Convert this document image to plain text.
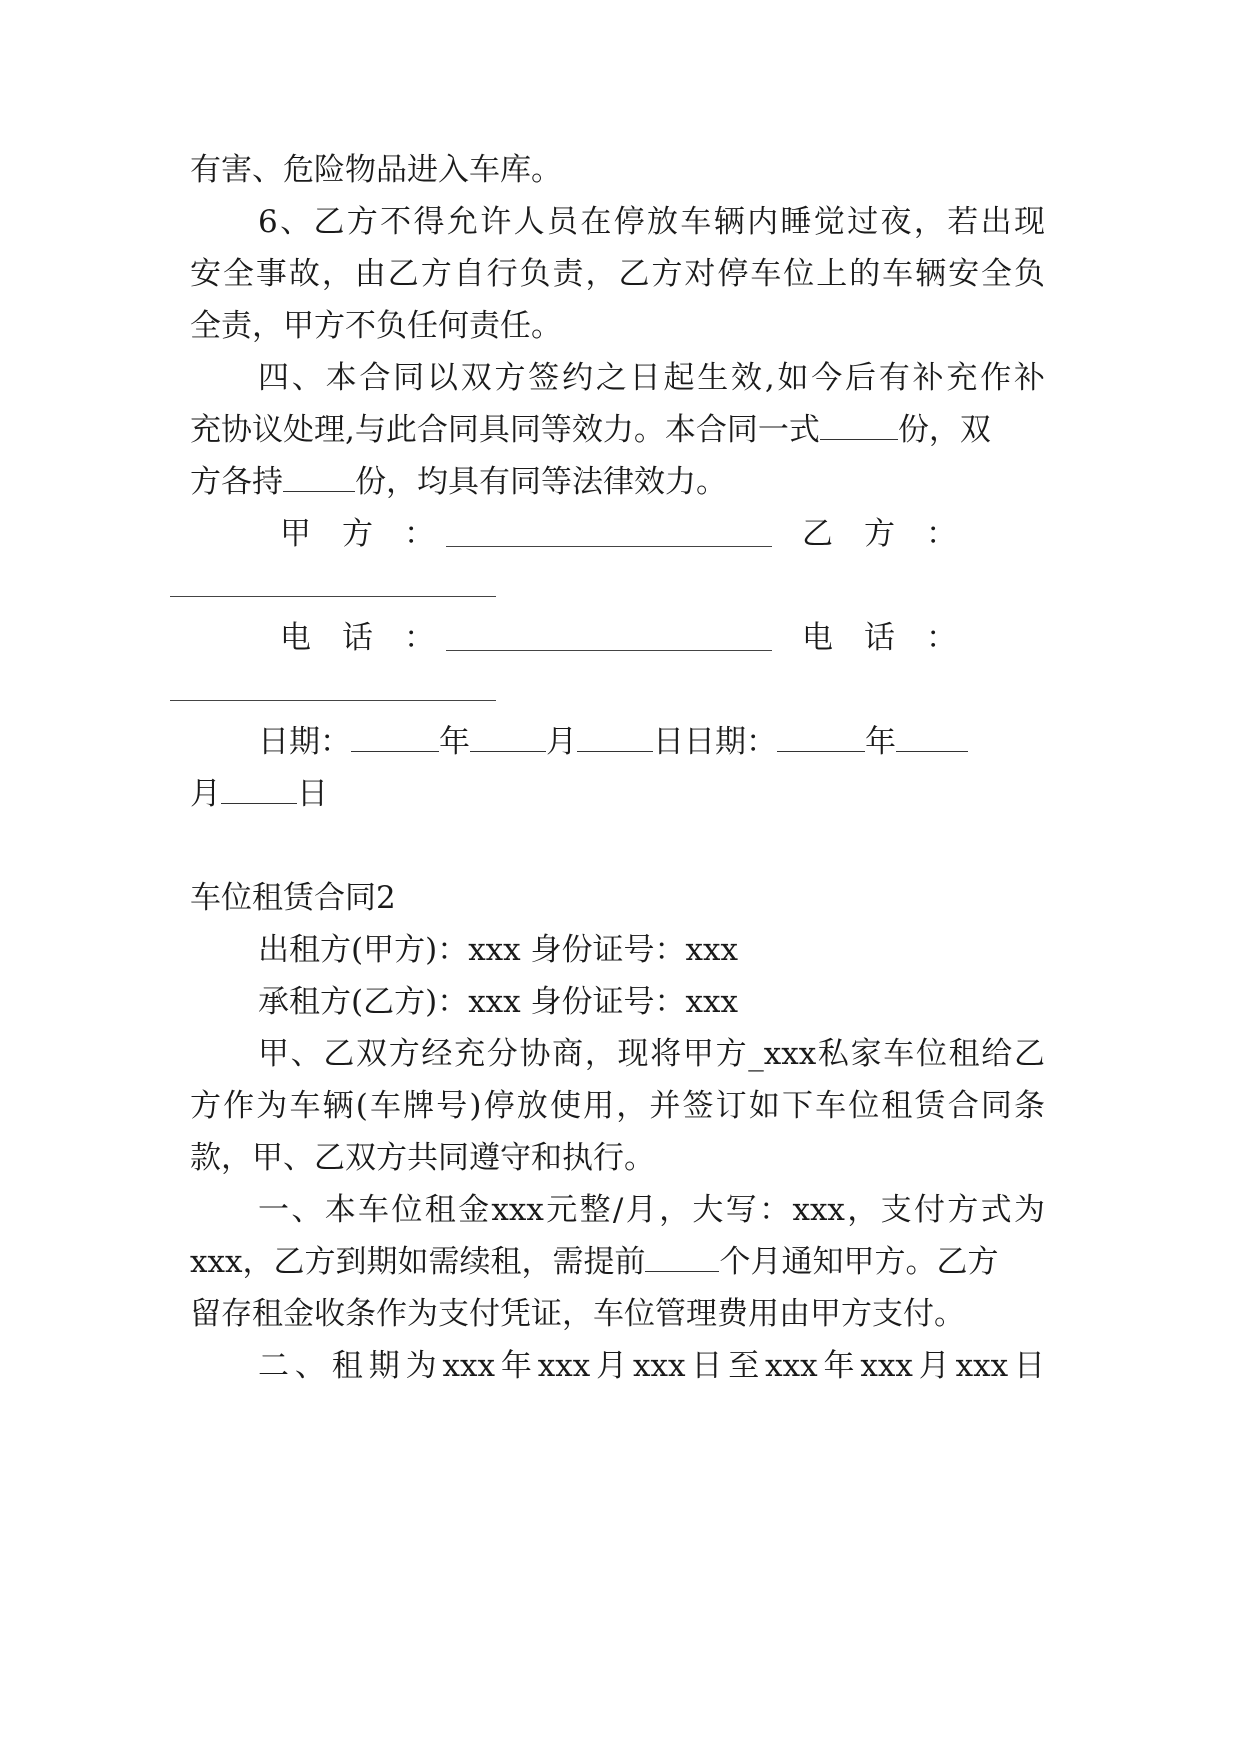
有害、危险物品进入车库。
6、乙方不得允许人员在停放车辆内睡觉过夜，若出现
安全事故，由乙方自行负责，乙方对停车位上的车辆安全负
全责，甲方不负任何责任。
四、本合同以双方签约之日起生效,如今后有补充作补
充协议处理,与此合同具同等效力。本合同一式	份，双
方各持 份，均具有同等法律效力。
甲　方　：	乙　方　：
电　话　：	电　话　：
日期：	年 月 日日期：	年
月 日
车位租赁合同2
出租方(甲方)：xxx 身份证号：xxx
承租方(乙方)：xxx 身份证号：xxx
甲、乙双方经充分协商，现将甲方_xxx私家车位租给乙
方作为车辆(车牌号)停放使用，并签订如下车位租赁合同条
款，甲、乙双方共同遵守和执行。
一、本车位租金xxx元整/月，大写：xxx，支付方式为
xxx，乙方到期如需续租，需提前 个月通知甲方。乙方
留存租金收条作为支付凭证，车位管理费用由甲方支付。
二、租期为xxx年xxx月xxx日至xxx年xxx月xxx日
